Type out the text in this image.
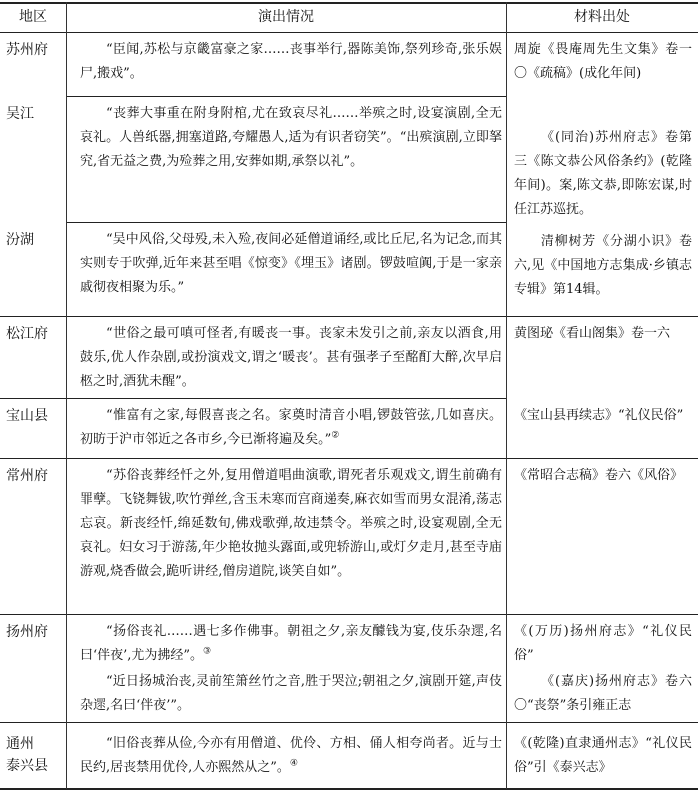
地区	演出情况	材料出处
苏州府
吴江
汾湖
松江府
宝山县
常州府
扬州府
通州
泰兴县
“臣闻,苏松与京畿富豪之家……丧事举行,器陈美饰,祭列珍奇,张乐娱尸,搬戏”。
“丧葬大事重在附身附棺,尤在致哀尽礼……举殡之时,设宴演剧,全无哀礼。人兽纸器,拥塞道路,夸耀愚人,适为有识者窃笑”。“出殡演剧,立即拏究,省无益之费,为殓葬之用,安葬如期,承祭以礼”。
“吴中风俗,父母殁,未入殓,夜间必延僧道诵经,或比丘尼,名为记念,而其实则专于吹弹,近年来甚至唱《惊变》《埋玉》诸剧。锣鼓喧阗,于是一家亲戚彻夜相聚为乐。”
“世俗之最可嗔可怪者,有暖丧一事。丧家未发引之前,亲友以酒食,用鼓乐,优人作杂剧,或扮演戏文,谓之‘暖丧’。甚有强孝子至酩酊大醉,次早启柩之时,酒犹未醒”。
“惟富有之家,每假喜丧之名。家奠时清音小唱,锣鼓管弦,几如喜庆。初昉于沪市邻近之各市乡,今已渐将遍及矣。”②
“苏俗丧葬经忏之外,复用僧道唱曲演歌,谓死者乐观戏文,谓生前确有罪孽。飞铙舞钹,吹竹弹丝,含玉未寒而宫商递奏,麻衣如雪而男女混淆,荡志忘哀。新丧经忏,绵延数旬,佛戏歌弹,故违禁令。举殡之时,设宴观剧,全无哀礼。妇女习于游荡,年少艳妆抛头露面,或兜轿游山,或灯夕走月,甚至寺庙游观,烧香做会,跪听讲经,僧房道院,谈笑自如”。
“扬俗丧礼……遇七多作佛事。朝祖之夕,亲友醵钱为宴,伎乐杂遝,名曰‘伴夜’,尤为拂经”。③
“近日扬城治丧,灵前笙箫丝竹之音,胜于哭泣;朝祖之夕,演剧开筵,声伎杂遝,名曰‘伴夜’”。
“旧俗丧葬从俭,今亦有用僧道、优伶、方相、俑人相夸尚者。近与士民约,居丧禁用优伶,人亦熙然从之”。④
周旋《畏庵周先生文集》卷一〇《疏稿》(成化年间)
《(同治)苏州府志》卷第三《陈文恭公风俗条约》(乾隆年间)。案,陈文恭,即陈宏谋,时任江苏巡抚。
清柳树芳《分湖小识》卷六,见《中国地方志集成·乡镇志专辑》第14辑。
黄图珌《看山阁集》卷一六
《宝山县再续志》“礼仪民俗”
《常昭合志稿》卷六《风俗》
《(万历)扬州府志》“礼仪民俗”
《(嘉庆)扬州府志》卷六〇“丧祭”条引雍正志
《(乾隆)直隶通州志》“礼仪民俗”引《泰兴志》
